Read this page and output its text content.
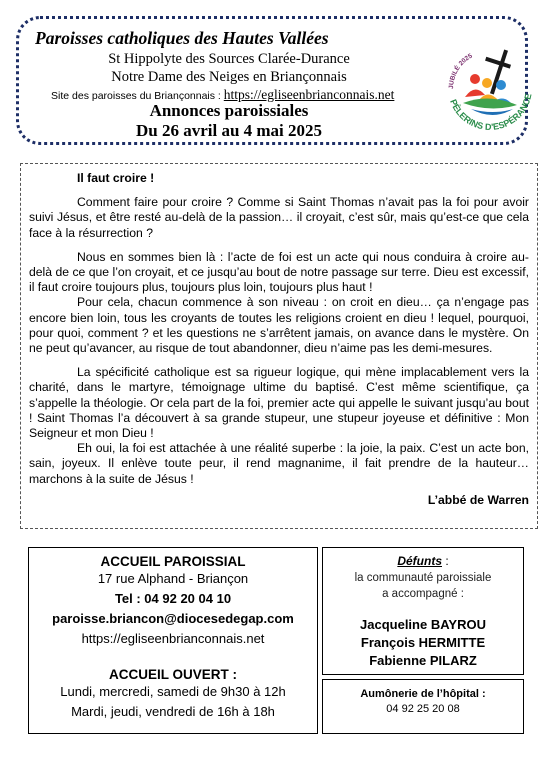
Paroisses catholiques des Hautes Vallées
St Hippolyte des Sources Clarée-Durance
Notre Dame des Neiges en Briançonnais
Site des paroisses du Briançonnais : https://egliseenbrianconnais.net
Annonces paroissiales
Du 26 avril au 4 mai 2025
JUBILÉ 2025
PÈLERINS D'ESPÉRANCE
Il faut croire !

Comment faire pour croire ? Comme si Saint Thomas n’avait pas la foi pour avoir suivi Jésus, et être resté au-delà de la passion… il croyait, c’est sûr, mais qu’est-ce que cela face à la résurrection ?

Nous en sommes bien là : l’acte de foi est un acte qui nous conduira à croire au-delà de ce que l’on croyait, et ce jusqu’au bout de notre passage sur terre. Dieu est excessif, il faut croire toujours plus, toujours plus loin, toujours plus haut !

Pour cela, chacun commence à son niveau : on croit en dieu… ça n’engage pas encore bien loin, tous les croyants de toutes les religions croient en dieu ! lequel, pourquoi, pour quoi, comment ? et les questions ne s’arrêtent jamais, on avance dans le mystère. On ne peut qu’avancer, au risque de tout abandonner, dieu n’aime pas les demi-mesures.

La spécificité catholique est sa rigueur logique, qui mène implacablement vers la charité, dans le martyre, témoignage ultime du baptisé. C’est même scientifique, ça s’appelle la théologie. Or cela part de la foi, premier acte qui appelle le suivant jusqu’au bout ! Saint Thomas l’a découvert à sa grande stupeur, une stupeur joyeuse et définitive : Mon Seigneur et mon Dieu !

Eh oui, la foi est attachée à une réalité superbe : la joie, la paix. C’est un acte bon, sain, joyeux. Il enlève toute peur, il rend magnanime, il fait prendre de la hauteur… marchons à la suite de Jésus !

L’abbé de Warren
ACCUEIL PAROISSIAL
17 rue Alphand - Briançon
Tel : 04 92 20 04 10
paroisse.briancon@diocesedegap.com
https://egliseenbrianconnais.net
ACCUEIL OUVERT :
Lundi, mercredi, samedi de 9h30 à 12h
Mardi, jeudi, vendredi de 16h à 18h
Défunts :
la communauté paroissiale
a accompagné :
Jacqueline BAYROU
François HERMITTE
Fabienne PILARZ
Aumônerie de l’hôpital :
04 92 25 20 08
